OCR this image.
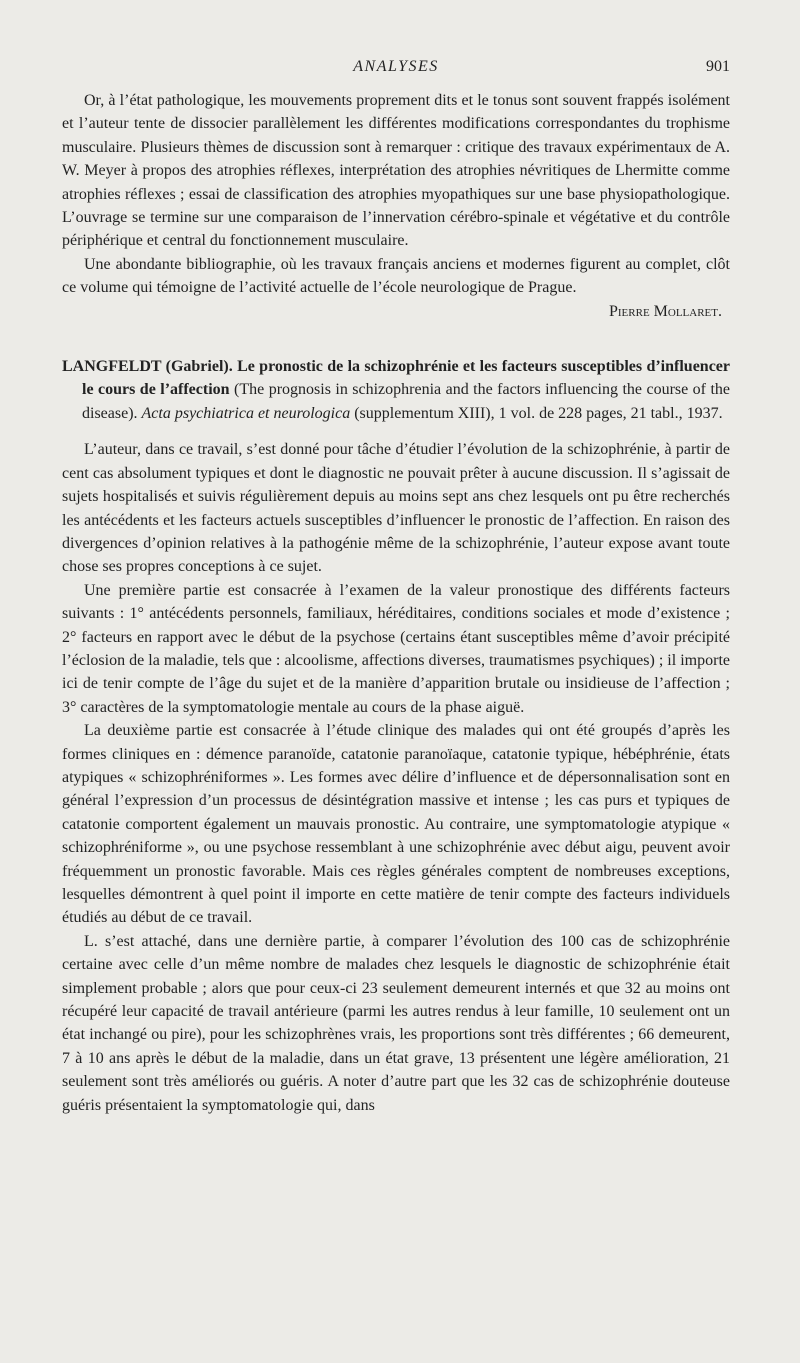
ANALYSES	901

Or, à l’état pathologique, les mouvements proprement dits et le tonus sont souvent frappés isolément et l’auteur tente de dissocier parallèlement les différentes modifications correspondantes du trophisme musculaire. Plusieurs thèmes de discussion sont à remarquer : critique des travaux expérimentaux de A. W. Meyer à propos des atrophies réflexes, interprétation des atrophies névritiques de Lhermitte comme atrophies réflexes ; essai de classification des atrophies myopathiques sur une base physiopathologique. L’ouvrage se termine sur une comparaison de l’innervation cérébro-spinale et végétative et du contrôle périphérique et central du fonctionnement musculaire.

Une abondante bibliographie, où les travaux français anciens et modernes figurent au complet, clôt ce volume qui témoigne de l’activité actuelle de l’école neurologique de Prague.

Pierre Mollaret.

LANGFELDT (Gabriel). Le pronostic de la schizophrénie et les facteurs susceptibles d’influencer le cours de l’affection (The prognosis in schizophrenia and the factors influencing the course of the disease). Acta psychiatrica et neurologica (supplementum XIII), 1 vol. de 228 pages, 21 tabl., 1937.

L’auteur, dans ce travail, s’est donné pour tâche d’étudier l’évolution de la schizophrénie, à partir de cent cas absolument typiques et dont le diagnostic ne pouvait prêter à aucune discussion. Il s’agissait de sujets hospitalisés et suivis régulièrement depuis au moins sept ans chez lesquels ont pu être recherchés les antécédents et les facteurs actuels susceptibles d’influencer le pronostic de l’affection. En raison des divergences d’opinion relatives à la pathogénie même de la schizophrénie, l’auteur expose avant toute chose ses propres conceptions à ce sujet.

Une première partie est consacrée à l’examen de la valeur pronostique des différents facteurs suivants : 1° antécédents personnels, familiaux, héréditaires, conditions sociales et mode d’existence ; 2° facteurs en rapport avec le début de la psychose (certains étant susceptibles même d’avoir précipité l’éclosion de la maladie, tels que : alcoolisme, affections diverses, traumatismes psychiques) ; il importe ici de tenir compte de l’âge du sujet et de la manière d’apparition brutale ou insidieuse de l’affection ; 3° caractères de la symptomatologie mentale au cours de la phase aiguë.

La deuxième partie est consacrée à l’étude clinique des malades qui ont été groupés d’après les formes cliniques en : démence paranoïde, catatonie paranoïaque, catatonie typique, hébéphrénie, états atypiques « schizophréniformes ». Les formes avec délire d’influence et de dépersonnalisation sont en général l’expression d’un processus de désintégration massive et intense ; les cas purs et typiques de catatonie comportent également un mauvais pronostic. Au contraire, une symptomatologie atypique « schizophréniforme », ou une psychose ressemblant à une schizophrénie avec début aigu, peuvent avoir fréquemment un pronostic favorable. Mais ces règles générales comptent de nombreuses exceptions, lesquelles démontrent à quel point il importe en cette matière de tenir compte des facteurs individuels étudiés au début de ce travail.

L. s’est attaché, dans une dernière partie, à comparer l’évolution des 100 cas de schizophrénie certaine avec celle d’un même nombre de malades chez lesquels le diagnostic de schizophrénie était simplement probable ; alors que pour ceux-ci 23 seulement demeurent internés et que 32 au moins ont récupéré leur capacité de travail antérieure (parmi les autres rendus à leur famille, 10 seulement ont un état inchangé ou pire), pour les schizophrènes vrais, les proportions sont très différentes ; 66 demeurent, 7 à 10 ans après le début de la maladie, dans un état grave, 13 présentent une légère amélioration, 21 seulement sont très améliorés ou guéris. A noter d’autre part que les 32 cas de schizophrénie douteuse guéris présentaient la symptomatologie qui, dans
